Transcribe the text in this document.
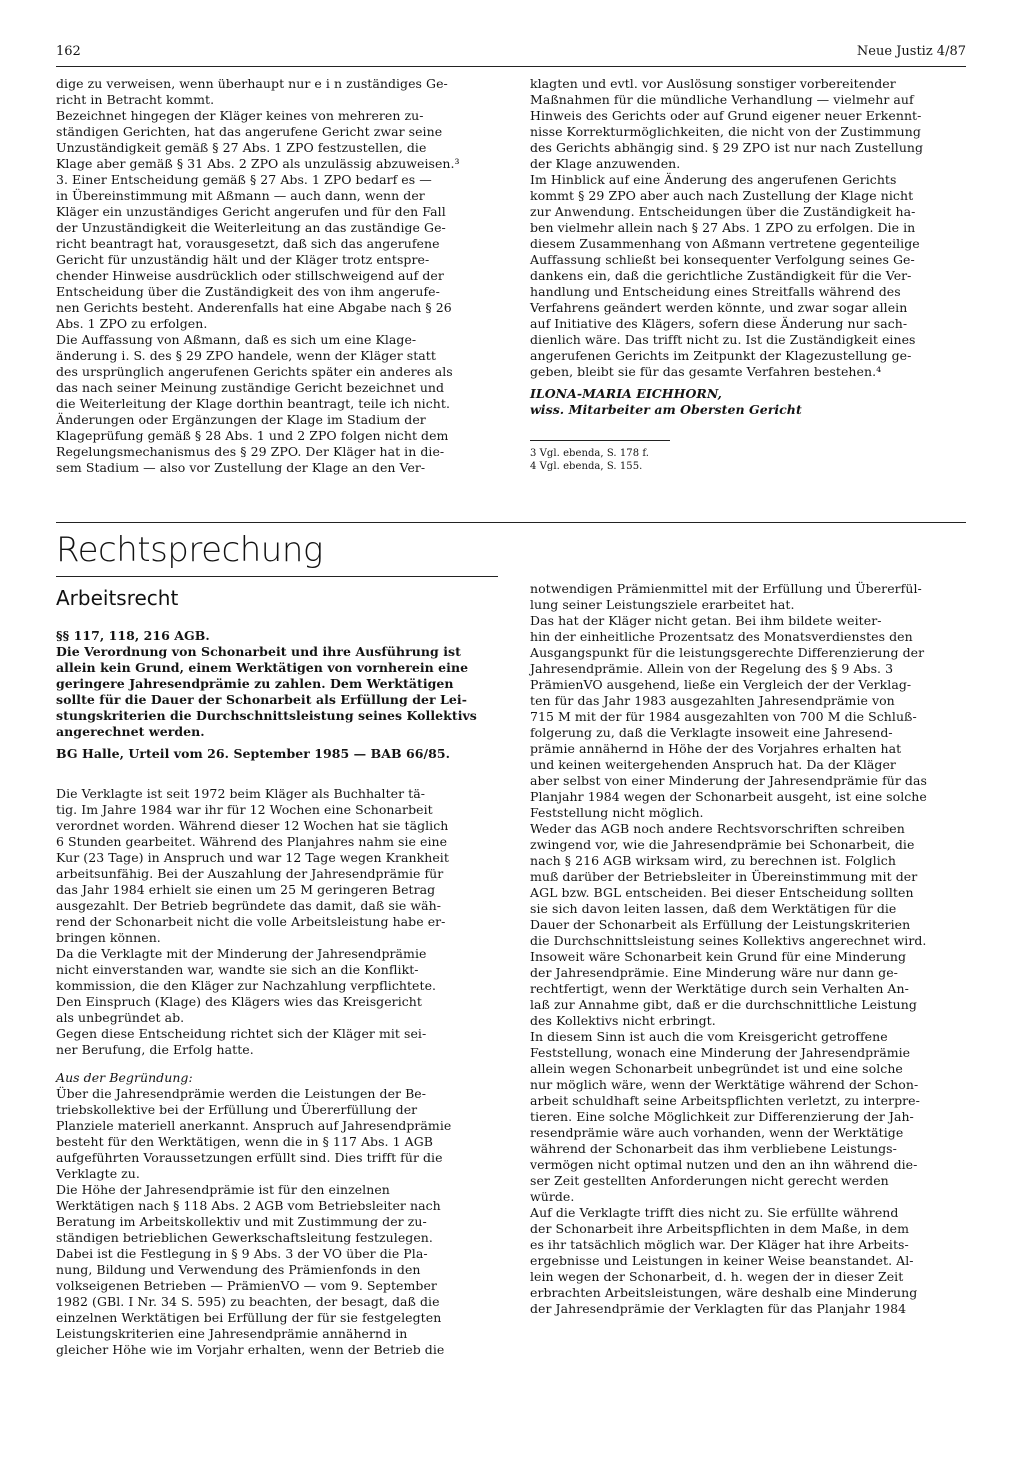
162	Neue Justiz 4/87

dige zu verweisen, wenn überhaupt nur e i n zuständiges Ge-
richt in Betracht kommt.
Bezeichnet hingegen der Kläger keines von mehreren zu-
ständigen Gerichten, hat das angerufene Gericht zwar seine
Unzuständigkeit gemäß § 27 Abs. 1 ZPO festzustellen, die
Klage aber gemäß § 31 Abs. 2 ZPO als unzulässig abzuweisen.³
3. Einer Entscheidung gemäß § 27 Abs. 1 ZPO bedarf es —
in Übereinstimmung mit Aßmann — auch dann, wenn der
Kläger ein unzuständiges Gericht angerufen und für den Fall
der Unzuständigkeit die Weiterleitung an das zuständige Ge-
richt beantragt hat, vorausgesetzt, daß sich das angerufene
Gericht für unzuständig hält und der Kläger trotz entspre-
chender Hinweise ausdrücklich oder stillschweigend auf der
Entscheidung über die Zuständigkeit des von ihm angerufe-
nen Gerichts besteht. Anderenfalls hat eine Abgabe nach § 26
Abs. 1 ZPO zu erfolgen.
Die Auffassung von Aßmann, daß es sich um eine Klage-
änderung i. S. des § 29 ZPO handele, wenn der Kläger statt
des ursprünglich angerufenen Gerichts später ein anderes als
das nach seiner Meinung zuständige Gericht bezeichnet und
die Weiterleitung der Klage dorthin beantragt, teile ich nicht.
Änderungen oder Ergänzungen der Klage im Stadium der
Klageprüfung gemäß § 28 Abs. 1 und 2 ZPO folgen nicht dem
Regelungsmechanismus des § 29 ZPO. Der Kläger hat in die-
sem Stadium — also vor Zustellung der Klage an den Ver-

klagten und evtl. vor Auslösung sonstiger vorbereitender
Maßnahmen für die mündliche Verhandlung — vielmehr auf
Hinweis des Gerichts oder auf Grund eigener neuer Erkennt-
nisse Korrekturmöglichkeiten, die nicht von der Zustimmung
des Gerichts abhängig sind. § 29 ZPO ist nur nach Zustellung
der Klage anzuwenden.
Im Hinblick auf eine Änderung des angerufenen Gerichts
kommt § 29 ZPO aber auch nach Zustellung der Klage nicht
zur Anwendung. Entscheidungen über die Zuständigkeit ha-
ben vielmehr allein nach § 27 Abs. 1 ZPO zu erfolgen. Die in
diesem Zusammenhang von Aßmann vertretene gegenteilige
Auffassung schließt bei konsequenter Verfolgung seines Ge-
dankens ein, daß die gerichtliche Zuständigkeit für die Ver-
handlung und Entscheidung eines Streitfalls während des
Verfahrens geändert werden könnte, und zwar sogar allein
auf Initiative des Klägers, sofern diese Änderung nur sach-
dienlich wäre. Das trifft nicht zu. Ist die Zuständigkeit eines
angerufenen Gerichts im Zeitpunkt der Klagezustellung ge-
geben, bleibt sie für das gesamte Verfahren bestehen.⁴

ILONA-MARIA EICHHORN,

wiss. Mitarbeiter am Obersten Gericht

3 Vgl. ebenda, S. 178 f.
4 Vgl. ebenda, S. 155.

Rechtsprechung
Arbeitsrecht

§§ 117, 118, 216 AGB.

Die Verordnung von Schonarbeit und ihre Ausführung ist
allein kein Grund, einem Werktätigen von vornherein eine
geringere Jahresendprämie zu zahlen. Dem Werktätigen
sollte für die Dauer der Schonarbeit als Erfüllung der Lei-
stungskriterien die Durchschnittsleistung seines Kollektivs
angerechnet werden.

BG Halle, Urteil vom 26. September 1985 — BAB 66/85.

Die Verklagte ist seit 1972 beim Kläger als Buchhalter tä-
tig. Im Jahre 1984 war ihr für 12 Wochen eine Schonarbeit
verordnet worden. Während dieser 12 Wochen hat sie täglich
6 Stunden gearbeitet. Während des Planjahres nahm sie eine
Kur (23 Tage) in Anspruch und war 12 Tage wegen Krankheit
arbeitsunfähig. Bei der Auszahlung der Jahresendprämie für
das Jahr 1984 erhielt sie einen um 25 M geringeren Betrag
ausgezahlt. Der Betrieb begründete das damit, daß sie wäh-
rend der Schonarbeit nicht die volle Arbeitsleistung habe er-
bringen können.
Da die Verklagte mit der Minderung der Jahresendprämie
nicht einverstanden war, wandte sie sich an die Konflikt-
kommission, die den Kläger zur Nachzahlung verpflichtete.
Den Einspruch (Klage) des Klägers wies das Kreisgericht
als unbegründet ab.
Gegen diese Entscheidung richtet sich der Kläger mit sei-
ner Berufung, die Erfolg hatte.

Aus der Begründung:

Über die Jahresendprämie werden die Leistungen der Be-
triebskollektive bei der Erfüllung und Übererfüllung der
Planziele materiell anerkannt. Anspruch auf Jahresendprämie
besteht für den Werktätigen, wenn die in § 117 Abs. 1 AGB
aufgeführten Voraussetzungen erfüllt sind. Dies trifft für die
Verklagte zu.
Die Höhe der Jahresendprämie ist für den einzelnen
Werktätigen nach § 118 Abs. 2 AGB vom Betriebsleiter nach
Beratung im Arbeitskollektiv und mit Zustimmung der zu-
ständigen betrieblichen Gewerkschaftsleitung festzulegen.
Dabei ist die Festlegung in § 9 Abs. 3 der VO über die Pla-
nung, Bildung und Verwendung des Prämienfonds in den
volkseigenen Betrieben — PrämienVO — vom 9. September
1982 (GBl. I Nr. 34 S. 595) zu beachten, der besagt, daß die
einzelnen Werktätigen bei Erfüllung der für sie festgelegten
Leistungskriterien eine Jahresendprämie annähernd in
gleicher Höhe wie im Vorjahr erhalten, wenn der Betrieb die

notwendigen Prämienmittel mit der Erfüllung und Übererfül-
lung seiner Leistungsziele erarbeitet hat.
Das hat der Kläger nicht getan. Bei ihm bildete weiter-
hin der einheitliche Prozentsatz des Monatsverdienstes den
Ausgangspunkt für die leistungsgerechte Differenzierung der
Jahresendprämie. Allein von der Regelung des § 9 Abs. 3
PrämienVO ausgehend, ließe ein Vergleich der der Verklag-
ten für das Jahr 1983 ausgezahlten Jahresendprämie von
715 M mit der für 1984 ausgezahlten von 700 M die Schluß-
folgerung zu, daß die Verklagte insoweit eine Jahresend-
prämie annähernd in Höhe der des Vorjahres erhalten hat
und keinen weitergehenden Anspruch hat. Da der Kläger
aber selbst von einer Minderung der Jahresendprämie für das
Planjahr 1984 wegen der Schonarbeit ausgeht, ist eine solche
Feststellung nicht möglich.
Weder das AGB noch andere Rechtsvorschriften schreiben
zwingend vor, wie die Jahresendprämie bei Schonarbeit, die
nach § 216 AGB wirksam wird, zu berechnen ist. Folglich
muß darüber der Betriebsleiter in Übereinstimmung mit der
AGL bzw. BGL entscheiden. Bei dieser Entscheidung sollten
sie sich davon leiten lassen, daß dem Werktätigen für die
Dauer der Schonarbeit als Erfüllung der Leistungskriterien
die Durchschnittsleistung seines Kollektivs angerechnet wird.
Insoweit wäre Schonarbeit kein Grund für eine Minderung
der Jahresendprämie. Eine Minderung wäre nur dann ge-
rechtfertigt, wenn der Werktätige durch sein Verhalten An-
laß zur Annahme gibt, daß er die durchschnittliche Leistung
des Kollektivs nicht erbringt.
In diesem Sinn ist auch die vom Kreisgericht getroffene
Feststellung, wonach eine Minderung der Jahresendprämie
allein wegen Schonarbeit unbegründet ist und eine solche
nur möglich wäre, wenn der Werktätige während der Schon-
arbeit schuldhaft seine Arbeitspflichten verletzt, zu interpre-
tieren. Eine solche Möglichkeit zur Differenzierung der Jah-
resendprämie wäre auch vorhanden, wenn der Werktätige
während der Schonarbeit das ihm verbliebene Leistungs-
vermögen nicht optimal nutzen und den an ihn während die-
ser Zeit gestellten Anforderungen nicht gerecht werden
würde.
Auf die Verklagte trifft dies nicht zu. Sie erfüllte während
der Schonarbeit ihre Arbeitspflichten in dem Maße, in dem
es ihr tatsächlich möglich war. Der Kläger hat ihre Arbeits-
ergebnisse und Leistungen in keiner Weise beanstandet. Al-
lein wegen der Schonarbeit, d. h. wegen der in dieser Zeit
erbrachten Arbeitsleistungen, wäre deshalb eine Minderung
der Jahresendprämie der Verklagten für das Planjahr 1984
